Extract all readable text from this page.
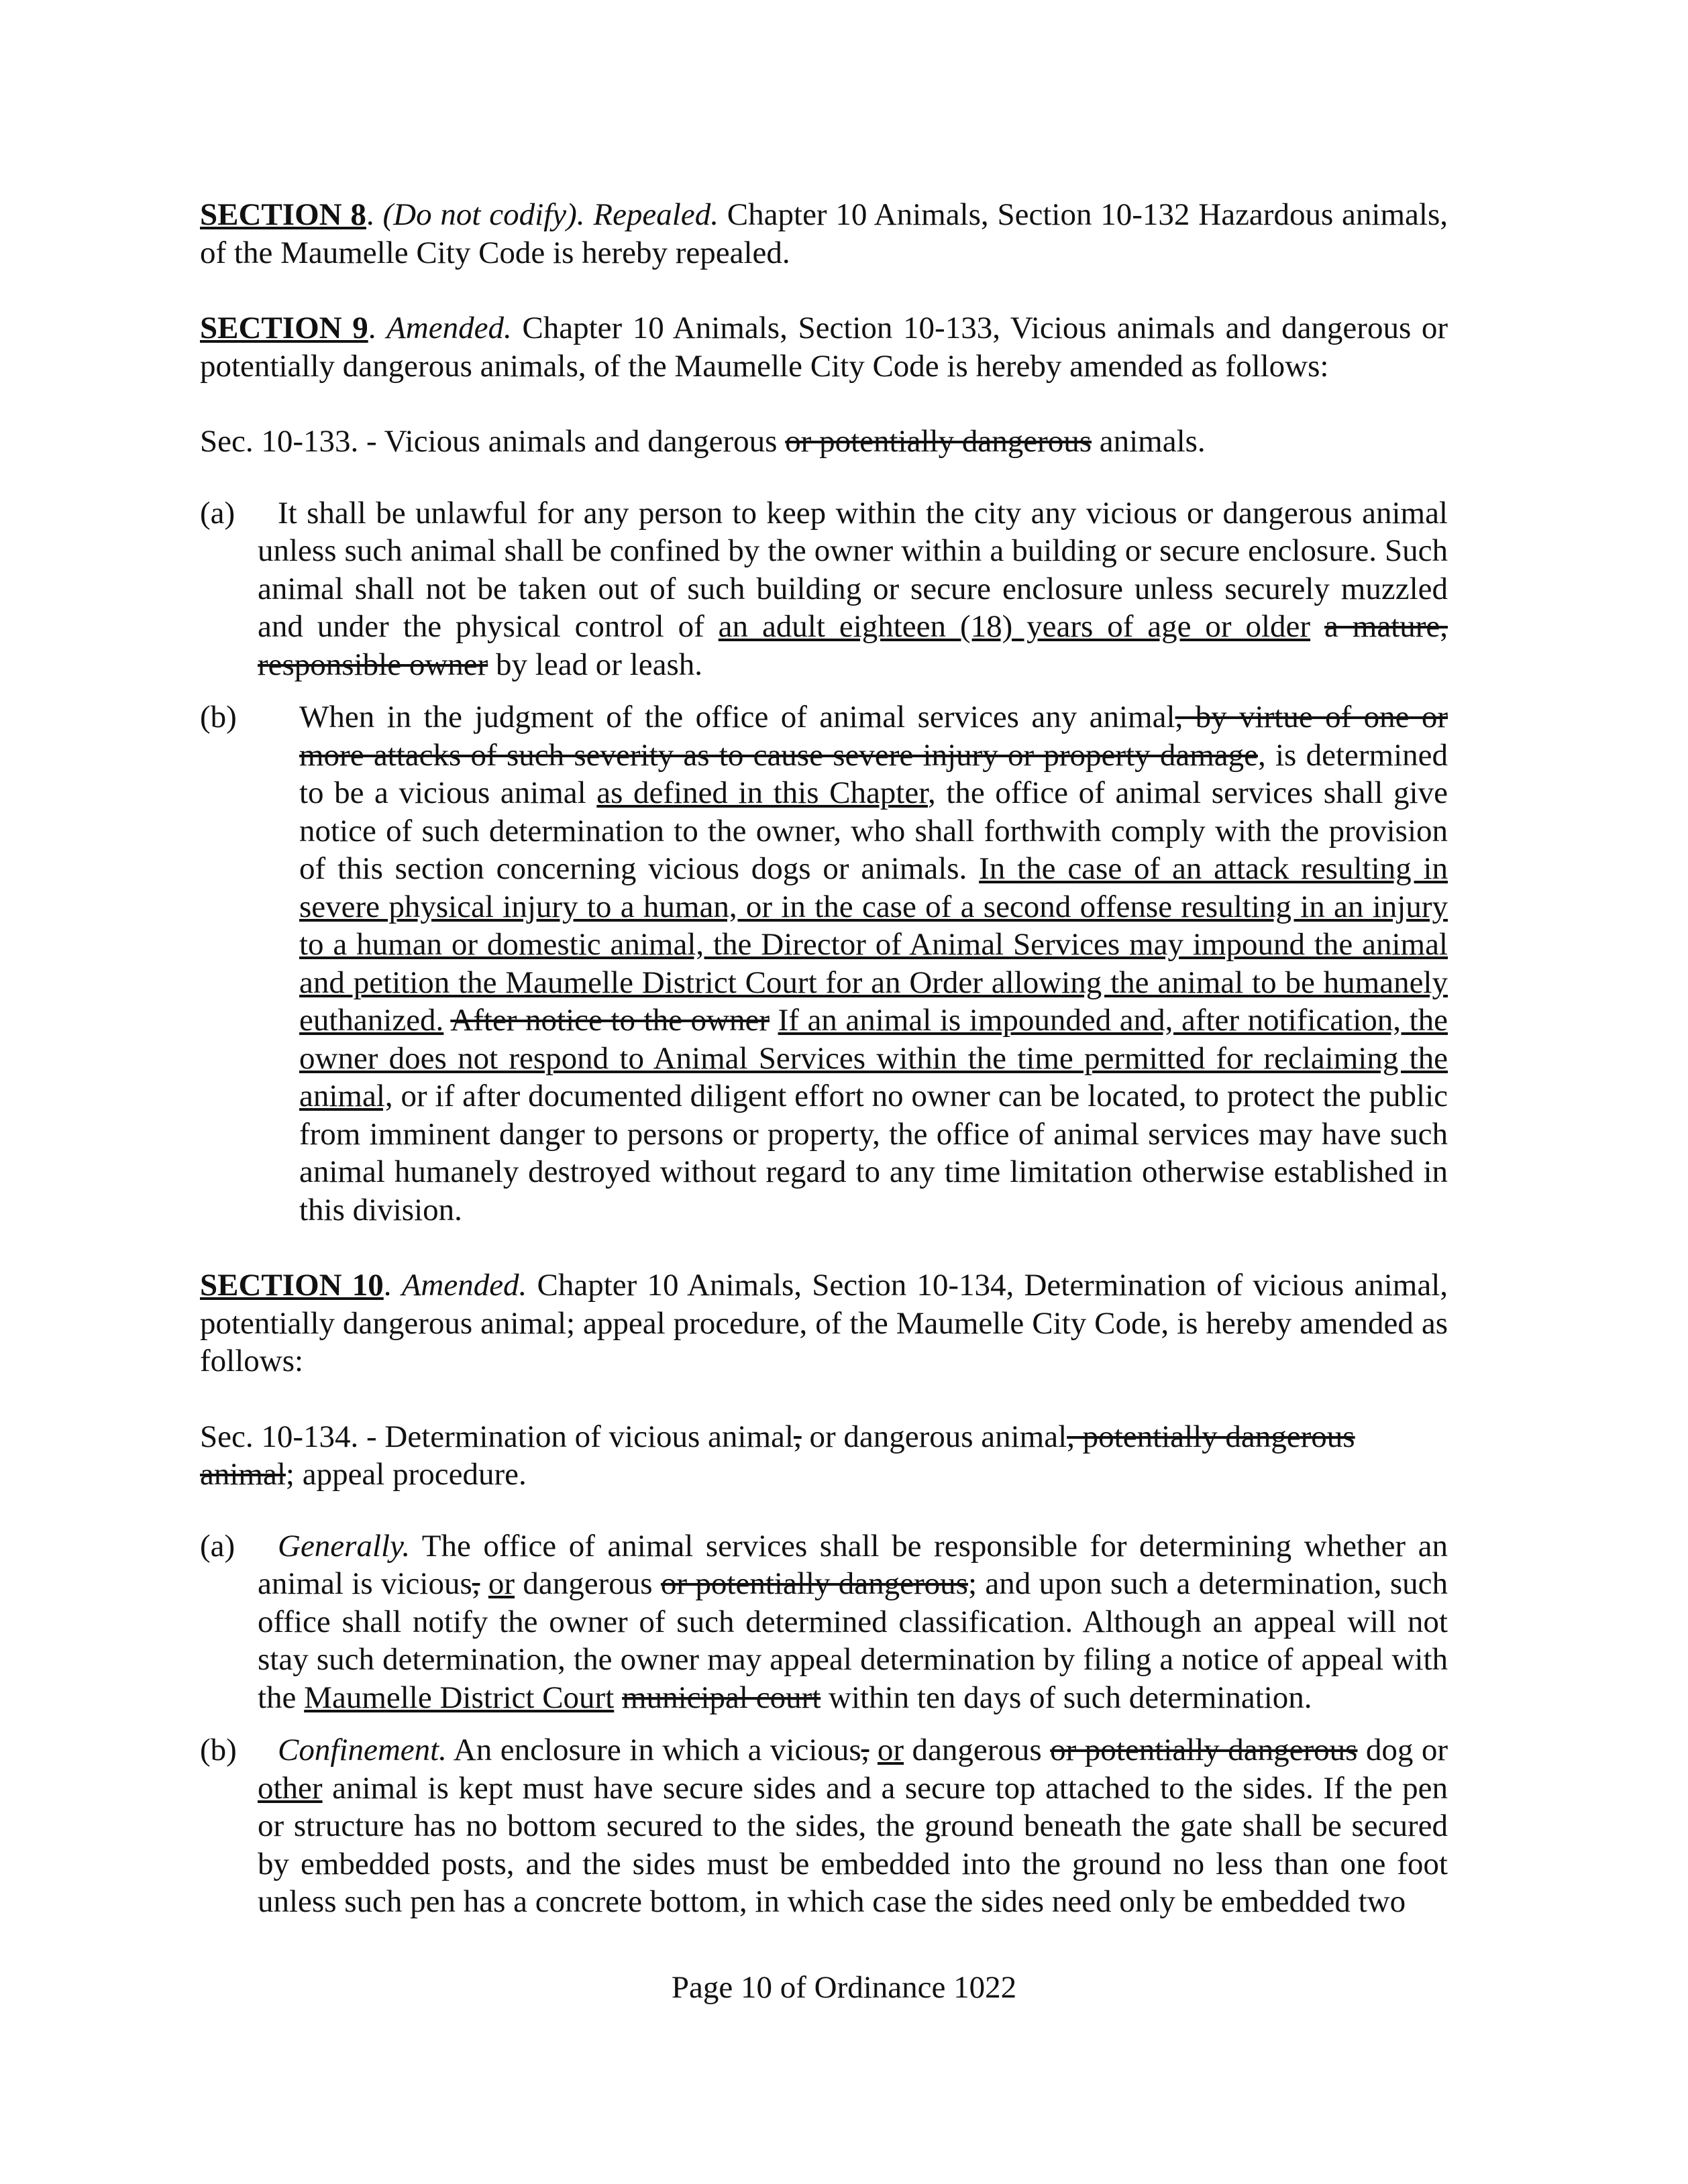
SECTION 8. (Do not codify). Repealed. Chapter 10 Animals, Section 10-132 Hazardous animals, of the Maumelle City Code is hereby repealed.

SECTION 9. Amended. Chapter 10 Animals, Section 10-133, Vicious animals and dangerous or potentially dangerous animals, of the Maumelle City Code is hereby amended as follows:

Sec. 10-133. - Vicious animals and dangerous or potentially dangerous animals.

(a)	It shall be unlawful for any person to keep within the city any vicious or dangerous animal unless such animal shall be confined by the owner within a building or secure enclosure. Such animal shall not be taken out of such building or secure enclosure unless securely muzzled and under the physical control of an adult eighteen (18) years of age or older a mature, responsible owner by lead or leash.

(b) When in the judgment of the office of animal services any animal, by virtue of one or more attacks of such severity as to cause severe injury or property damage, is determined to be a vicious animal as defined in this Chapter, the office of animal services shall give notice of such determination to the owner, who shall forthwith comply with the provision of this section concerning vicious dogs or animals. In the case of an attack resulting in severe physical injury to a human, or in the case of a second offense resulting in an injury to a human or domestic animal, the Director of Animal Services may impound the animal and petition the Maumelle District Court for an Order allowing the animal to be humanely euthanized. After notice to the owner If an animal is impounded and, after notification, the owner does not respond to Animal Services within the time permitted for reclaiming the animal, or if after documented diligent effort no owner can be located, to protect the public from imminent danger to persons or property, the office of animal services may have such animal humanely destroyed without regard to any time limitation otherwise established in this division.

SECTION 10. Amended. Chapter 10 Animals, Section 10-134, Determination of vicious animal, potentially dangerous animal; appeal procedure, of the Maumelle City Code, is hereby amended as follows:

Sec. 10-134. - Determination of vicious animal, or dangerous animal, potentially dangerous animal; appeal procedure.

(a)	Generally. The office of animal services shall be responsible for determining whether an animal is vicious, or dangerous or potentially dangerous; and upon such a determination, such office shall notify the owner of such determined classification. Although an appeal will not stay such determination, the owner may appeal determination by filing a notice of appeal with the Maumelle District Court municipal court within ten days of such determination.

(b)	Confinement. An enclosure in which a vicious, or dangerous or potentially dangerous dog or other animal is kept must have secure sides and a secure top attached to the sides. If the pen or structure has no bottom secured to the sides, the ground beneath the gate shall be secured by embedded posts, and the sides must be embedded into the ground no less than one foot unless such pen has a concrete bottom, in which case the sides need only be embedded two

Page 10 of Ordinance 1022
